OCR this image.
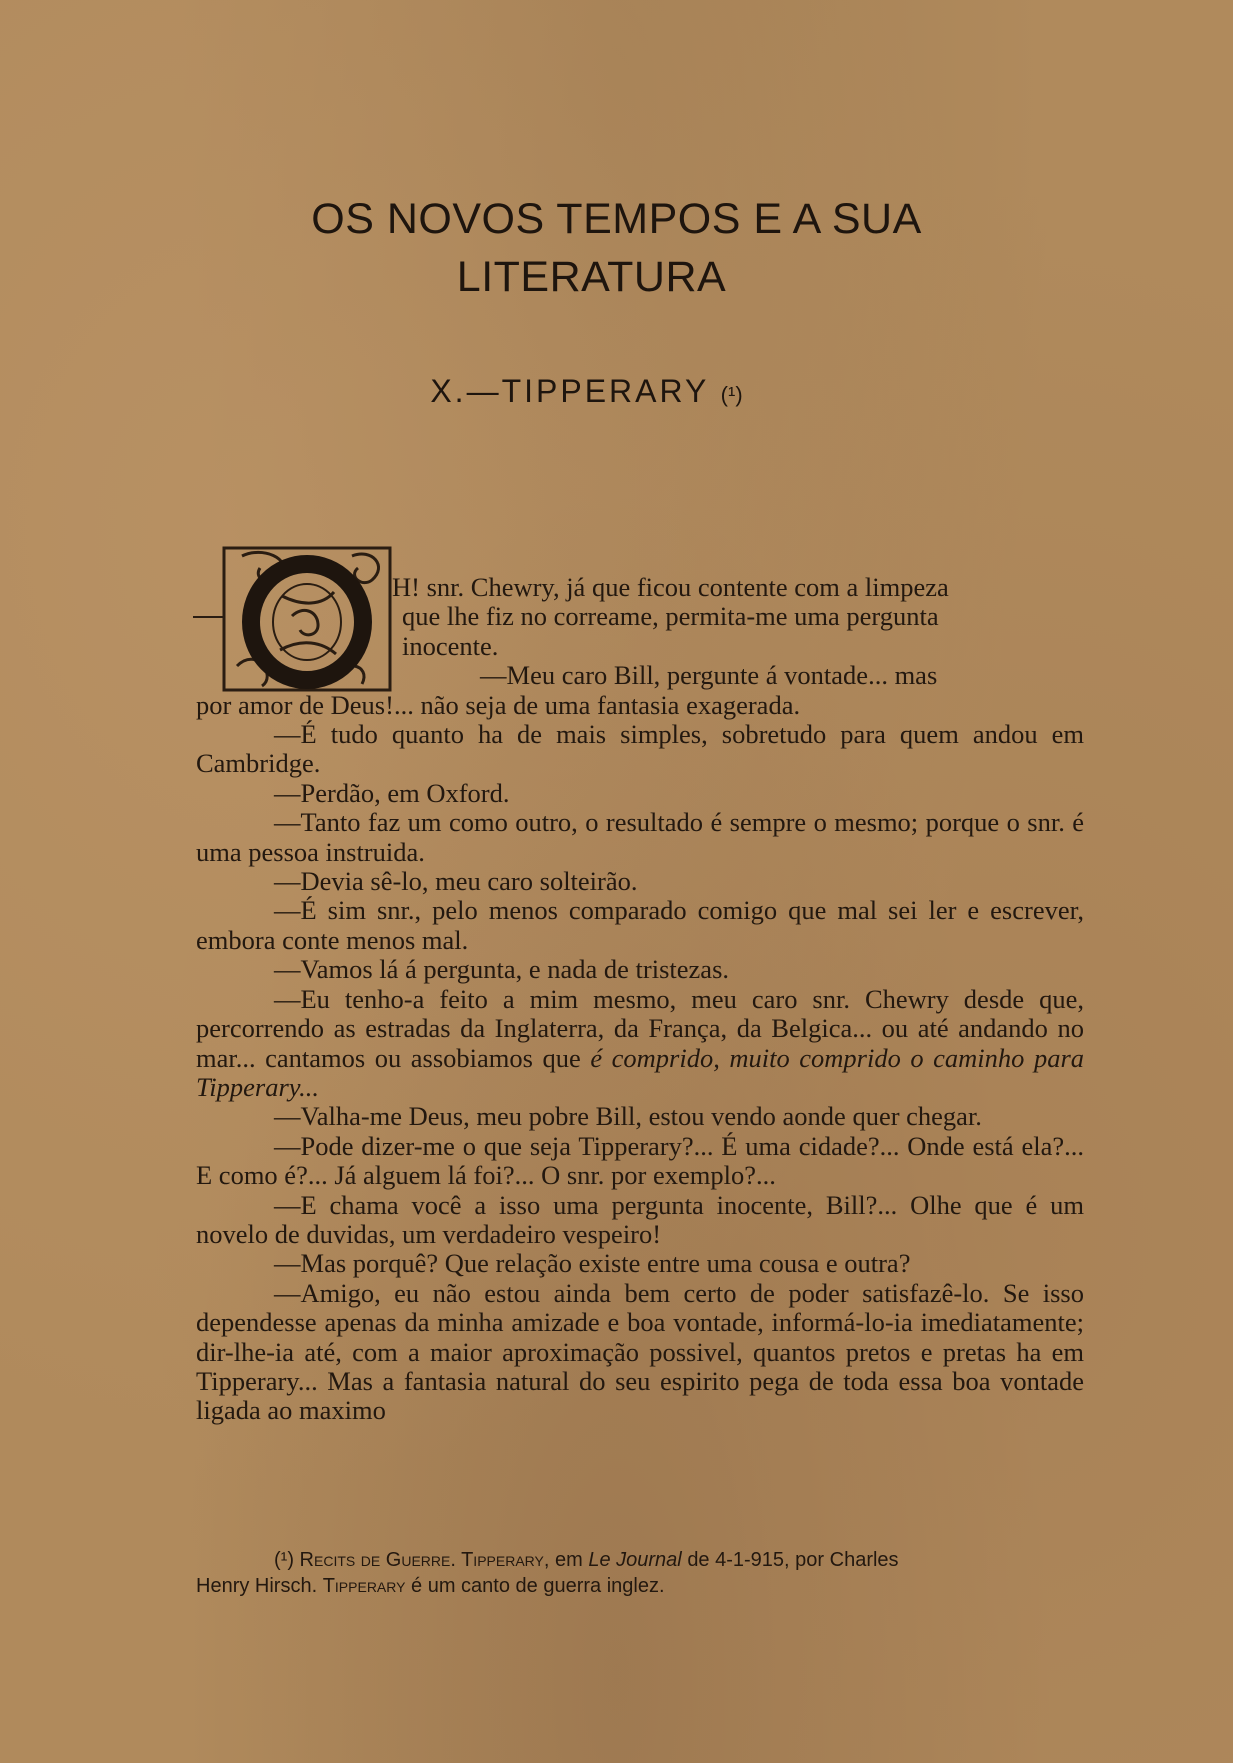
OS NOVOS TEMPOS E A SUA
LITERATURA
X.—TIPPERARY (¹)

H! snr. Chewry, já que ficou contente com a limpeza

que lhe fiz no correame, permita-me uma pergunta

inocente.

—Meu caro Bill, pergunte á vontade... mas

por amor de Deus!... não seja de uma fantasia exagerada.

—É tudo quanto ha de mais simples, sobretudo para quem andou em Cambridge.

—Perdão, em Oxford.

—Tanto faz um como outro, o resultado é sempre o mesmo; porque o snr. é uma pessoa instruida.

—Devia sê-lo, meu caro solteirão.

—É sim snr., pelo menos comparado comigo que mal sei ler e escrever, embora conte menos mal.

—Vamos lá á pergunta, e nada de tristezas.

—Eu tenho-a feito a mim mesmo, meu caro snr. Chewry desde que, percorrendo as estradas da Inglaterra, da França, da Belgica... ou até andando no mar... cantamos ou assobiamos que é comprido, muito comprido o caminho para Tipperary...

—Valha-me Deus, meu pobre Bill, estou vendo aonde quer chegar.

—Pode dizer-me o que seja Tipperary?... É uma cidade?... Onde está ela?... E como é?... Já alguem lá foi?... O snr. por exemplo?...

—E chama você a isso uma pergunta inocente, Bill?... Olhe que é um novelo de duvidas, um verdadeiro vespeiro!

—Mas porquê? Que relação existe entre uma cousa e outra?

—Amigo, eu não estou ainda bem certo de poder satisfazê-lo. Se isso dependesse apenas da minha amizade e boa vontade, informá-lo-ia imediatamente; dir-lhe-ia até, com a maior aproximação possivel, quantos pretos e pretas ha em Tipperary... Mas a fantasia natural do seu espirito pega de toda essa boa vontade ligada ao maximo

(¹) Recits de Guerre. Tipperary, em Le Journal de 4-1-915, por Charles
Henry Hirsch. Tipperary é um canto de guerra inglez.
